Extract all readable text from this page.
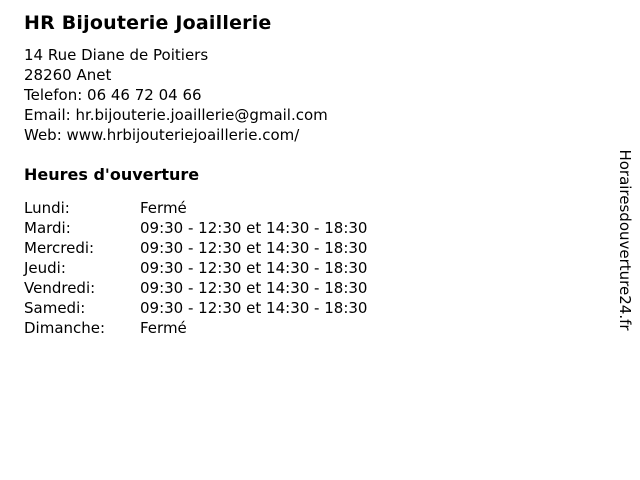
HR Bijouterie Joaillerie
14 Rue Diane de Poitiers
28260 Anet
Telefon: 06 46 72 04 66
Email: hr.bijouterie.joaillerie@gmail.com
Web: www.hrbijouteriejoaillerie.com/
Heures d'ouverture
Lundi:	Fermé
Mardi:	09:30 - 12:30 et 14:30 - 18:30
Mercredi:	09:30 - 12:30 et 14:30 - 18:30
Jeudi:	09:30 - 12:30 et 14:30 - 18:30
Vendredi:	09:30 - 12:30 et 14:30 - 18:30
Samedi:	09:30 - 12:30 et 14:30 - 18:30
Dimanche:	Fermé	Horairesdouverture24.fr
